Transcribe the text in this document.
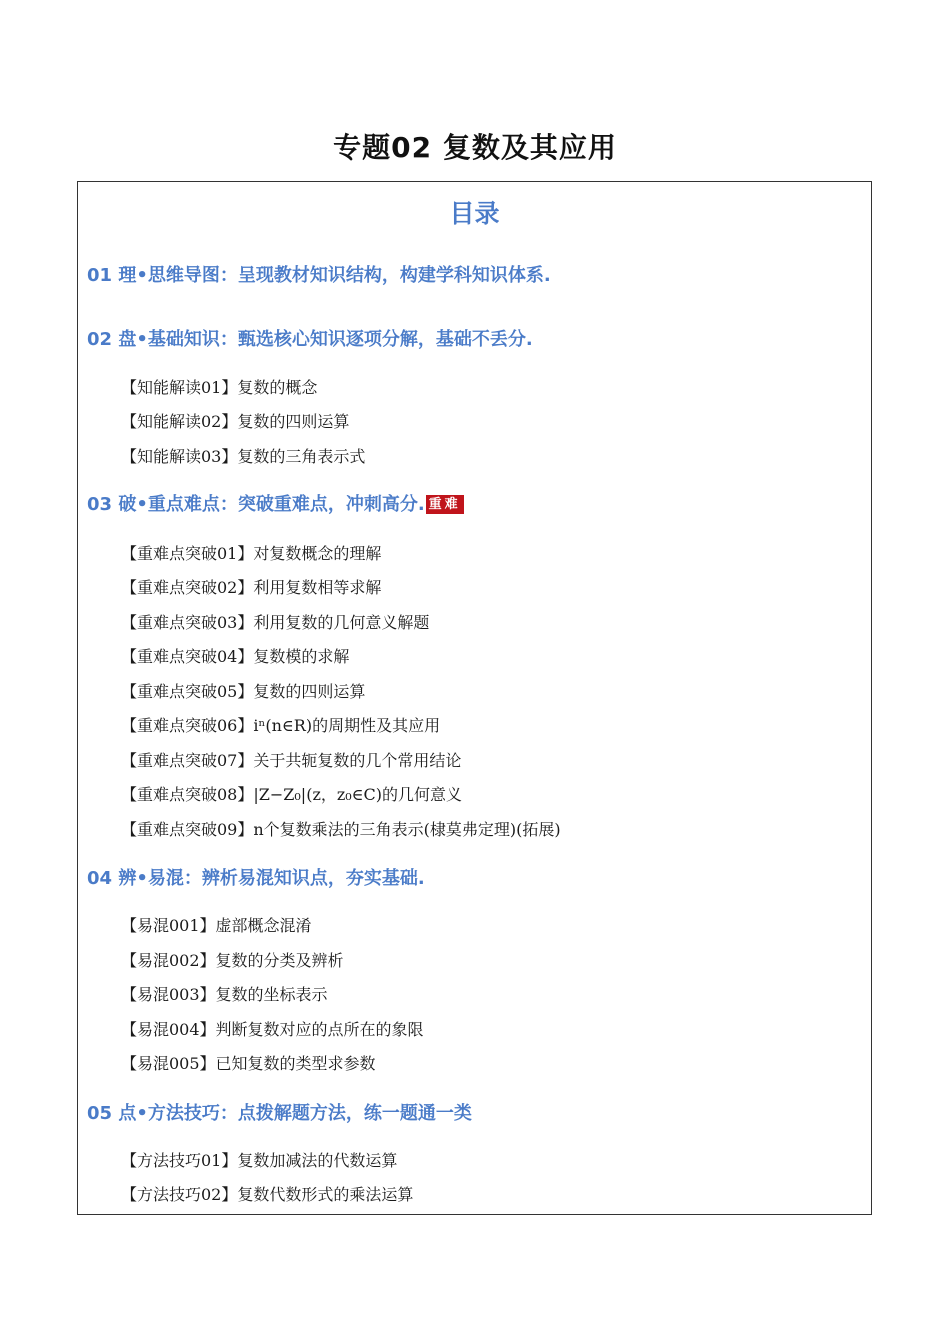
专题02 复数及其应用
目录
01 理•思维导图：呈现教材知识结构，构建学科知识体系.
02 盘•基础知识：甄选核心知识逐项分解，基础不丢分.
【知能解读01】复数的概念
【知能解读02】复数的四则运算
【知能解读03】复数的三角表示式
03 破•重点难点：突破重难点，冲刺高分. 重难
【重难点突破01】对复数概念的理解
【重难点突破02】利用复数相等求解
【重难点突破03】利用复数的几何意义解题
【重难点突破04】复数模的求解
【重难点突破05】复数的四则运算
【重难点突破06】iⁿ(n∈R)的周期性及其应用
【重难点突破07】关于共轭复数的几个常用结论
【重难点突破08】|Z−Z₀|(z，z₀∈C)的几何意义
【重难点突破09】n个复数乘法的三角表示(棣莫弗定理)(拓展)
04 辨•易混：辨析易混知识点，夯实基础.
【易混001】虚部概念混淆
【易混002】复数的分类及辨析
【易混003】复数的坐标表示
【易混004】判断复数对应的点所在的象限
【易混005】已知复数的类型求参数
05 点•方法技巧：点拨解题方法，练一题通一类
【方法技巧01】复数加减法的代数运算
【方法技巧02】复数代数形式的乘法运算
